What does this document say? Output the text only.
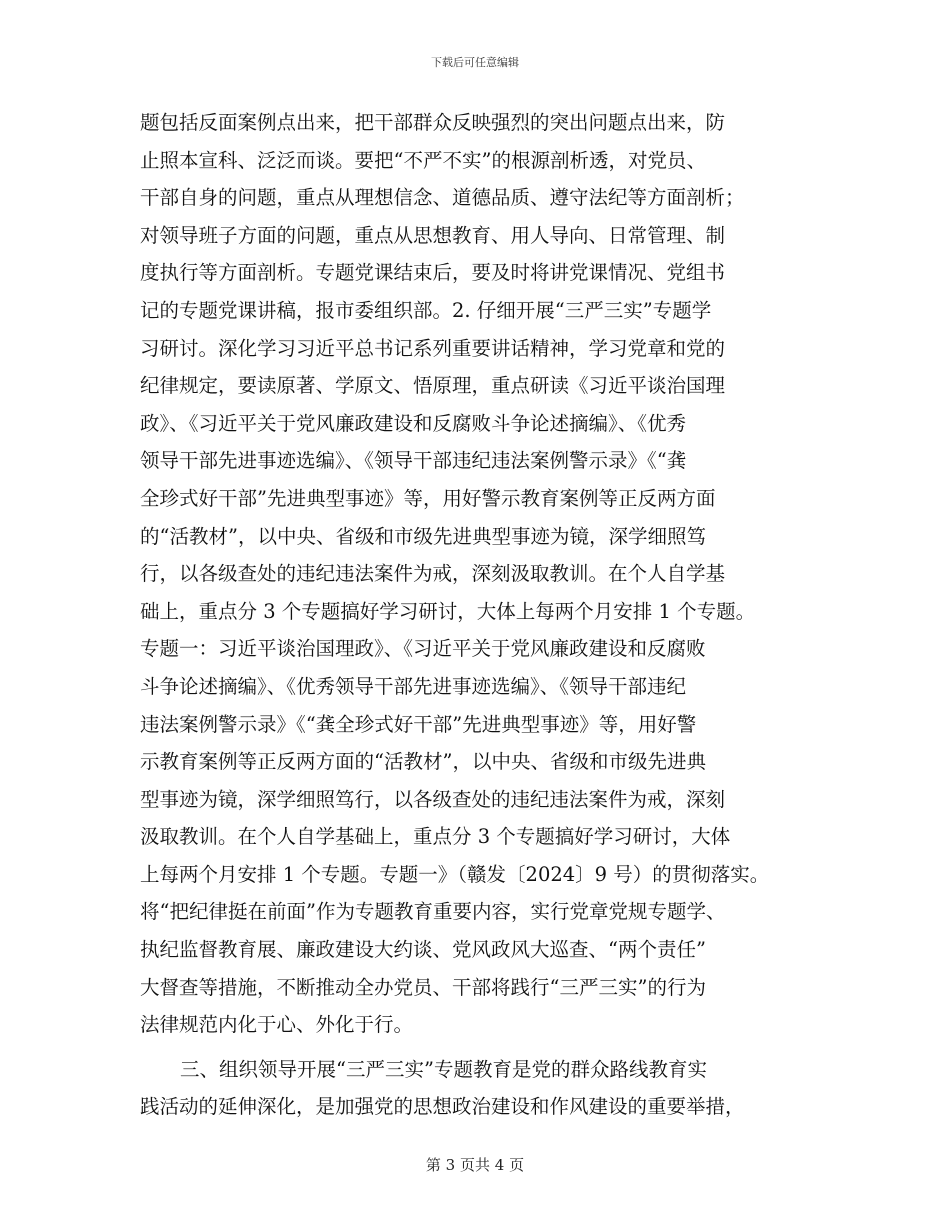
下载后可任意编辑
题包括反面案例点出来，把干部群众反映强烈的突出问题点出来，防
止照本宣科、泛泛而谈。要把“不严不实”的根源剖析透，对党员、
干部自身的问题，重点从理想信念、道德品质、遵守法纪等方面剖析；
对领导班子方面的问题，重点从思想教育、用人导向、日常管理、制
度执行等方面剖析。专题党课结束后，要及时将讲党课情况、党组书
记的专题党课讲稿，报市委组织部。2. 仔细开展“三严三实”专题学
习研讨。深化学习习近平总书记系列重要讲话精神，学习党章和党的
纪律规定，要读原著、学原文、悟原理，重点研读《习近平谈治国理
政》、《习近平关于党风廉政建设和反腐败斗争论述摘编》、《优秀
领导干部先进事迹选编》、《领导干部违纪违法案例警示录》《“龚
全珍式好干部”先进典型事迹》等，用好警示教育案例等正反两方面
的“活教材”，以中央、省级和市级先进典型事迹为镜，深学细照笃
行，以各级查处的违纪违法案件为戒，深刻汲取教训。在个人自学基
础上，重点分 3 个专题搞好学习研讨，大体上每两个月安排 1 个专题。
专题一：习近平谈治国理政》、《习近平关于党风廉政建设和反腐败
斗争论述摘编》、《优秀领导干部先进事迹选编》、《领导干部违纪
违法案例警示录》《“龚全珍式好干部”先进典型事迹》等，用好警
示教育案例等正反两方面的“活教材”，以中央、省级和市级先进典
型事迹为镜，深学细照笃行，以各级查处的违纪违法案件为戒，深刻
汲取教训。在个人自学基础上，重点分 3 个专题搞好学习研讨，大体
上每两个月安排 1 个专题。专题一》（赣发〔2024〕9 号）的贯彻落实。
将“把纪律挺在前面”作为专题教育重要内容，实行党章党规专题学、
执纪监督教育展、廉政建设大约谈、党风政风大巡查、“两个责任”
大督查等措施，不断推动全办党员、干部将践行“三严三实”的行为
法律规范内化于心、外化于行。
三、组织领导开展“三严三实”专题教育是党的群众路线教育实
践活动的延伸深化，是加强党的思想政治建设和作风建设的重要举措，
第 3 页共 4 页
